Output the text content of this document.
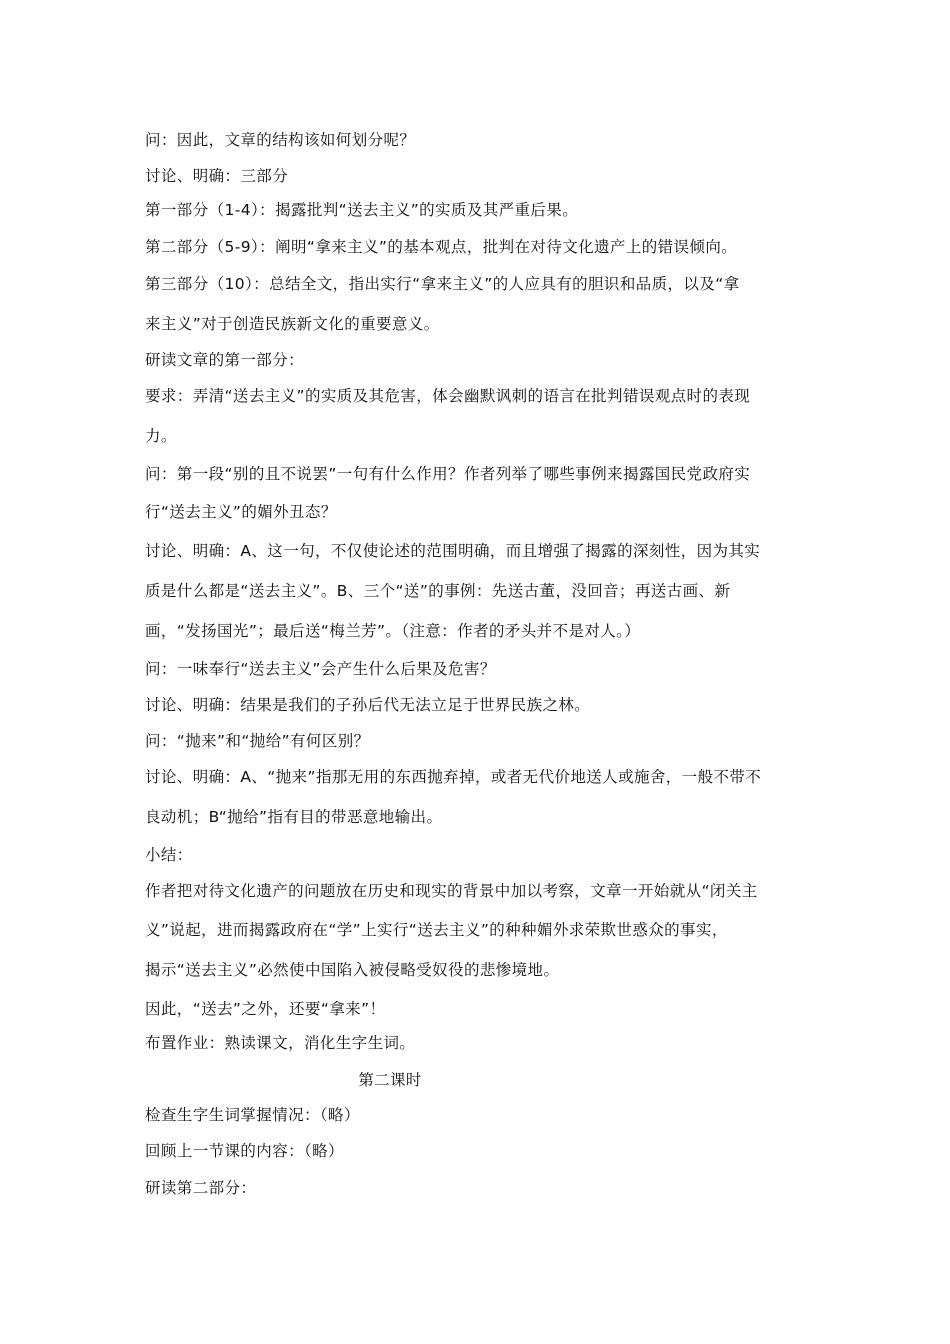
问：因此，文章的结构该如何划分呢？
讨论、明确：三部分
第一部分（1-4）：揭露批判“送去主义”的实质及其严重后果。
第二部分（5-9）：阐明“拿来主义”的基本观点，批判在对待文化遗产上的错误倾向。
第三部分（10）：总结全文，指出实行“拿来主义”的人应具有的胆识和品质，以及“拿
来主义”对于创造民族新文化的重要意义。
研读文章的第一部分：
要求：弄清“送去主义”的实质及其危害，体会幽默讽刺的语言在批判错误观点时的表现
力。
问：第一段“别的且不说罢”一句有什么作用？作者列举了哪些事例来揭露国民党政府实
行“送去主义”的媚外丑态？
讨论、明确：A、这一句，不仅使论述的范围明确，而且增强了揭露的深刻性，因为其实
质是什么都是“送去主义”。B、三个“送”的事例：先送古董，没回音；再送古画、新
画，“发扬国光”；最后送“梅兰芳”。（注意：作者的矛头并不是对人。）
问：一味奉行“送去主义”会产生什么后果及危害？
讨论、明确：结果是我们的子孙后代无法立足于世界民族之林。
问：“抛来”和“抛给”有何区别？
讨论、明确：A、“抛来”指那无用的东西抛弃掉，或者无代价地送人或施舍，一般不带不
良动机；B“抛给”指有目的带恶意地输出。
小结：
作者把对待文化遗产的问题放在历史和现实的背景中加以考察，文章一开始就从“闭关主
义”说起，进而揭露政府在“学”上实行“送去主义”的种种媚外求荣欺世惑众的事实，
揭示“送去主义”必然使中国陷入被侵略受奴役的悲惨境地。
因此，“送去”之外，还要“拿来”！
布置作业：熟读课文，消化生字生词。
第二课时
检查生字生词掌握情况：（略）
回顾上一节课的内容：（略）
研读第二部分：
